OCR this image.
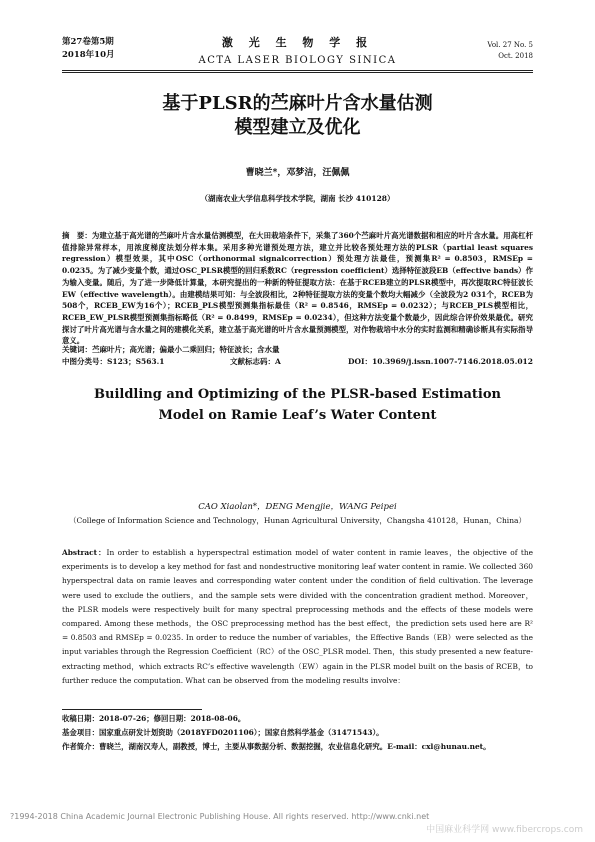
第27卷第5期
2018年10月
激 光 生 物 学 报
ACTA LASER BIOLOGY SINICA
Vol. 27 No. 5
Oct. 2018
基于PLSR的苎麻叶片含水量估测
模型建立及优化
曹晓兰*，邓梦洁，汪佩佩
（湖南农业大学信息科学技术学院，湖南 长沙 410128）
摘　要：为建立基于高光谱的苎麻叶片含水量估测模型，在大田栽培条件下，采集了360个苎麻叶片高光谱数据和相应的叶片含水量。用高杠杆值排除异常样本，用浓度梯度法划分样本集。采用多种光谱预处理方法，建立并比较各预处理方法的PLSR（partial least squares regression）模型效果，其中OSC（orthonormal signalcorrection）预处理方法最佳，预测集R² = 0.8503，RMSEp = 0.0235。为了减少变量个数，通过OSC_PLSR模型的回归系数RC（regression coefficient）选择特征波段EB（effective bands）作为输入变量。随后，为了进一步降低计算量，本研究提出的一种新的特征提取方法：在基于RCEB建立的PLSR模型中，再次提取RC特征波长EW（effective wavelength）。由建模结果可知：与全波段相比，2种特征提取方法的变量个数均大幅减少（全波段为2 031个，RCEB为508个，RCEB_EW为16个）；RCEB_PLS模型预测集指标最佳（R² = 0.8546，RMSEp = 0.0232）；与RCEB_PLS模型相比，RCEB_EW_PLSR模型预测集指标略低（R² = 0.8499，RMSEp = 0.0234），但这种方法变量个数最少，因此综合评价效果最优。研究探讨了叶片高光谱与含水量之间的建模化关系，建立基于高光谱的叶片含水量预测模型，对作物栽培中水分的实时监测和精确诊断具有实际指导意义。
关键词：苎麻叶片；高光谱；偏最小二乘回归；特征波长；含水量
中图分类号：S123；S563.1	文献标志码：A	DOI：10.3969/j.issn.1007-7146.2018.05.012
Buildling and Optimizing of the PLSR-based Estimation
Model on Ramie Leaf’s Water Content
CAO Xiaolan*，DENG Mengjie，WANG Peipei
（College of Information Science and Technology，Hunan Agricultural University，Changsha 410128，Hunan，China）
Abstract：In order to establish a hyperspectral estimation model of water content in ramie leaves，the objective of the experiments is to develop a key method for fast and nondestructive monitoring leaf water content in ramie. We collected 360 hyperspectral data on ramie leaves and corresponding water content under the condition of field cultivation. The leverage were used to exclude the outliers，and the sample sets were divided with the concentration gradient method. Moreover，the PLSR models were respectively built for many spectral preprocessing methods and the effects of these models were compared. Among these methods，the OSC preprocessing method has the best effect，the prediction sets used here are R² = 0.8503 and RMSEp = 0.0235. In order to reduce the number of variables，the Effective Bands（EB）were selected as the input variables through the Regression Coefficient（RC）of the OSC_PLSR model. Then，this study presented a new feature-extracting method，which extracts RC’s effective wavelength（EW）again in the PLSR model built on the basis of RCEB，to further reduce the computation. What can be observed from the modeling results involve：
收稿日期：2018-07-26；修回日期：2018-08-06。
基金项目：国家重点研发计划资助（2018YFD0201106）；国家自然科学基金（31471543）。
作者简介：曹晓兰，湖南汉寿人，副教授，博士，主要从事数据分析、数据挖掘，农业信息化研究。E-mail：cxl@hunau.net。
?1994-2018 China Academic Journal Electronic Publishing House. All rights reserved. http://www.cnki.net
中国麻业科学网 www.fibercrops.com
